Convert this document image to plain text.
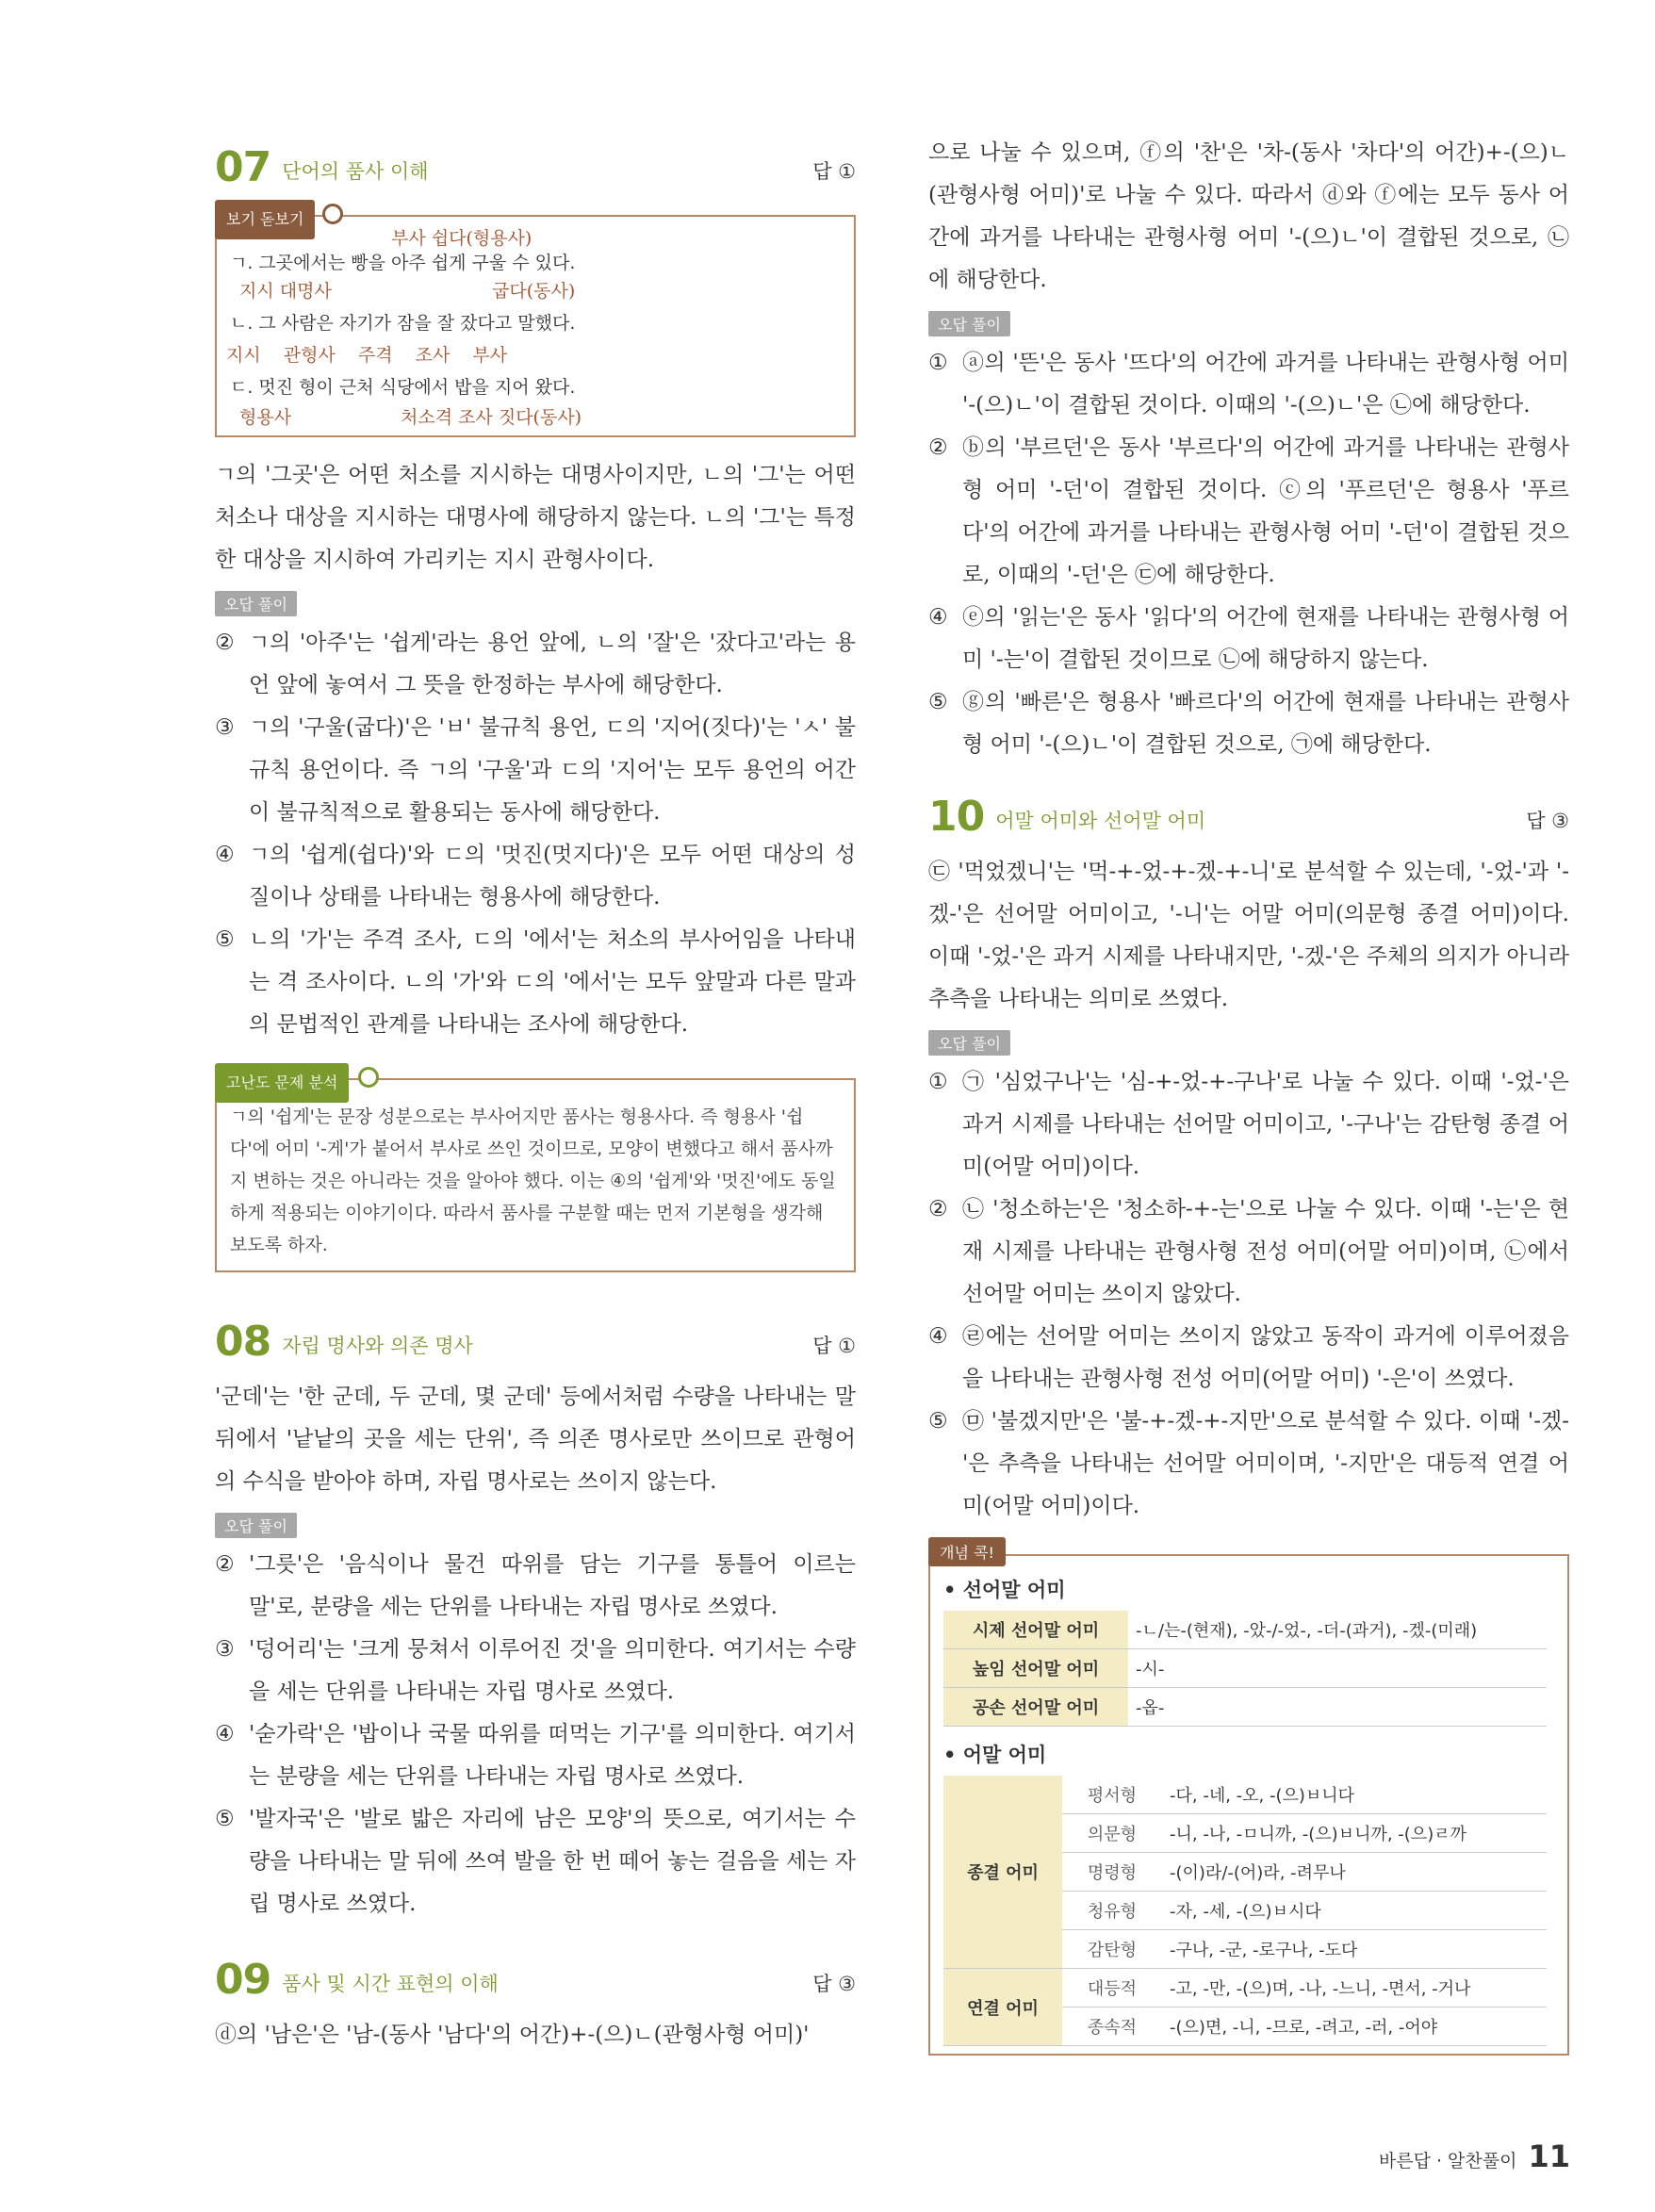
07 단어의 품사 이해	답 ①
보기 돋보기
부사 쉽다(형용사)
ㄱ. 그곳에서는 빵을 아주 쉽게 구울 수 있다.
지시 대명사	굽다(동사)
ㄴ. 그 사람은 자기가 잠을 잘 잤다고 말했다.
지시 관형사 주격 조사 부사
ㄷ. 멋진 형이 근처 식당에서 밥을 지어 왔다.
형용사	처소격 조사 짓다(동사)

ㄱ의 '그곳'은 어떤 처소를 지시하는 대명사이지만, ㄴ의 '그'는 어떤 처소나 대상을 지시하는 대명사에 해당하지 않는다. ㄴ의 '그'는 특정한 대상을 지시하여 가리키는 지시 관형사이다.

오답 풀이
② ㄱ의 '아주'는 '쉽게'라는 용언 앞에, ㄴ의 '잘'은 '잤다고'라는 용언 앞에 놓여서 그 뜻을 한정하는 부사에 해당한다.
③ ㄱ의 '구울(굽다)'은 'ㅂ' 불규칙 용언, ㄷ의 '지어(짓다)'는 'ㅅ' 불규칙 용언이다. 즉 ㄱ의 '구울'과 ㄷ의 '지어'는 모두 용언의 어간이 불규칙적으로 활용되는 동사에 해당한다.
④ ㄱ의 '쉽게(쉽다)'와 ㄷ의 '멋진(멋지다)'은 모두 어떤 대상의 성질이나 상태를 나타내는 형용사에 해당한다.
⑤ ㄴ의 '가'는 주격 조사, ㄷ의 '에서'는 처소의 부사어임을 나타내는 격 조사이다. ㄴ의 '가'와 ㄷ의 '에서'는 모두 앞말과 다른 말과의 문법적인 관계를 나타내는 조사에 해당한다.
고난도 문제 분석
ㄱ의 '쉽게'는 문장 성분으로는 부사어지만 품사는 형용사다. 즉 형용사 '쉽다'에 어미 '-게'가 붙어서 부사로 쓰인 것이므로, 모양이 변했다고 해서 품사까지 변하는 것은 아니라는 것을 알아야 했다. 이는 ④의 '쉽게'와 '멋진'에도 동일하게 적용되는 이야기이다. 따라서 품사를 구분할 때는 먼저 기본형을 생각해 보도록 하자.
08 자립 명사와 의존 명사	답 ①

'군데'는 '한 군데, 두 군데, 몇 군데' 등에서처럼 수량을 나타내는 말 뒤에서 '낱낱의 곳을 세는 단위', 즉 의존 명사로만 쓰이므로 관형어의 수식을 받아야 하며, 자립 명사로는 쓰이지 않는다.

오답 풀이
② '그릇'은 '음식이나 물건 따위를 담는 기구를 통틀어 이르는 말'로, 분량을 세는 단위를 나타내는 자립 명사로 쓰였다.
③ '덩어리'는 '크게 뭉쳐서 이루어진 것'을 의미한다. 여기서는 수량을 세는 단위를 나타내는 자립 명사로 쓰였다.
④ '숟가락'은 '밥이나 국물 따위를 떠먹는 기구'를 의미한다. 여기서는 분량을 세는 단위를 나타내는 자립 명사로 쓰였다.
⑤ '발자국'은 '발로 밟은 자리에 남은 모양'의 뜻으로, 여기서는 수량을 나타내는 말 뒤에 쓰여 발을 한 번 떼어 놓는 걸음을 세는 자립 명사로 쓰였다.
09 품사 및 시간 표현의 이해	답 ③

ⓓ의 '남은'은 '남-(동사 '남다'의 어간)+-(으)ㄴ(관형사형 어미)'

으로 나눌 수 있으며, ⓕ의 '찬'은 '차-(동사 '차다'의 어간)+-(으)ㄴ(관형사형 어미)'로 나눌 수 있다. 따라서 ⓓ와 ⓕ에는 모두 동사 어간에 과거를 나타내는 관형사형 어미 '-(으)ㄴ'이 결합된 것으로, ㉡에 해당한다.

오답 풀이
① ⓐ의 '뜬'은 동사 '뜨다'의 어간에 과거를 나타내는 관형사형 어미 '-(으)ㄴ'이 결합된 것이다. 이때의 '-(으)ㄴ'은 ㉡에 해당한다.
② ⓑ의 '부르던'은 동사 '부르다'의 어간에 과거를 나타내는 관형사형 어미 '-던'이 결합된 것이다. ⓒ의 '푸르던'은 형용사 '푸르다'의 어간에 과거를 나타내는 관형사형 어미 '-던'이 결합된 것으로, 이때의 '-던'은 ㉢에 해당한다.
④ ⓔ의 '읽는'은 동사 '읽다'의 어간에 현재를 나타내는 관형사형 어미 '-는'이 결합된 것이므로 ㉡에 해당하지 않는다.
⑤ ⓖ의 '빠른'은 형용사 '빠르다'의 어간에 현재를 나타내는 관형사형 어미 '-(으)ㄴ'이 결합된 것으로, ㉠에 해당한다.
10 어말 어미와 선어말 어미	답 ③

㉢ '먹었겠니'는 '먹-+-었-+-겠-+-니'로 분석할 수 있는데, '-었-'과 '-겠-'은 선어말 어미이고, '-니'는 어말 어미(의문형 종결 어미)이다. 이때 '-었-'은 과거 시제를 나타내지만, '-겠-'은 주체의 의지가 아니라 추측을 나타내는 의미로 쓰였다.

오답 풀이
① ㉠ '심었구나'는 '심-+-었-+-구나'로 나눌 수 있다. 이때 '-었-'은 과거 시제를 나타내는 선어말 어미이고, '-구나'는 감탄형 종결 어미(어말 어미)이다.
② ㉡ '청소하는'은 '청소하-+-는'으로 나눌 수 있다. 이때 '-는'은 현재 시제를 나타내는 관형사형 전성 어미(어말 어미)이며, ㉡에서 선어말 어미는 쓰이지 않았다.
④ ㉣에는 선어말 어미는 쓰이지 않았고 동작이 과거에 이루어졌음을 나타내는 관형사형 전성 어미(어말 어미) '-은'이 쓰였다.
⑤ ㉤ '불겠지만'은 '불-+-겠-+-지만'으로 분석할 수 있다. 이때 '-겠-'은 추측을 나타내는 선어말 어미이며, '-지만'은 대등적 연결 어미(어말 어미)이다.
개념 콕!
• 선어말 어미
시제 선어말 어미	-ㄴ/는-(현재), -았-/-었-, -더-(과거), -겠-(미래)
높임 선어말 어미	-시-
공손 선어말 어미	-옵-
• 어말 어미
종결 어미	평서형	-다, -네, -오, -(으)ㅂ니다
	의문형	-니, -나, -ㅁ니까, -(으)ㅂ니까, -(으)ㄹ까
	명령형	-(이)라/-(어)라, -려무나
	청유형	-자, -세, -(으)ㅂ시다
	감탄형	-구나, -군, -로구나, -도다
연결 어미	대등적	-고, -만, -(으)며, -나, -느니, -면서, -거나
	종속적	-(으)면, -니, -므로, -려고, -러, -어야
바른답 · 알찬풀이 11
